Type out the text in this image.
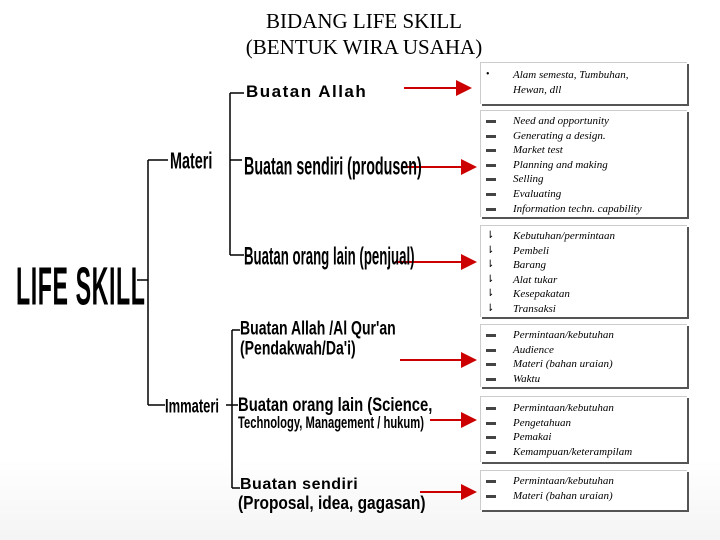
BIDANG LIFE SKILL
(BENTUK WIRA USAHA)
LIFE SKILL
Materi
Immateri
Buatan Allah
Buatan sendiri (produsen)
Buatan orang lain (penjual)
Buatan Allah /Al Qur'an
(Pendakwah/Da'i)
Buatan orang lain (Science,
Technology, Management / hukum)
Buatan sendiri
(Proposal, idea, gagasan)
• Alam semesta, Tumbuhan,
Hewan, dll
▬ Need and opportunity
▬ Generating a design.
▬ Market test
▬ Planning and making
▬ Selling
▬ Evaluating
▬ Information techn. capability
⇂ Kebutuhan/permintaan
⇂ Pembeli
⇂ Barang
⇂ Alat tukar
⇂ Kesepakatan
⇂ Transaksi
▬ Permintaan/kebutuhan
▬ Audience
▬ Materi (bahan uraian)
▬ Waktu
▬ Permintaan/kebutuhan
▬ Pengetahuan
▬ Pemakai
▬ Kemampuan/keterampilam
▬ Permintaan/kebutuhan
▬ Materi (bahan uraian)
